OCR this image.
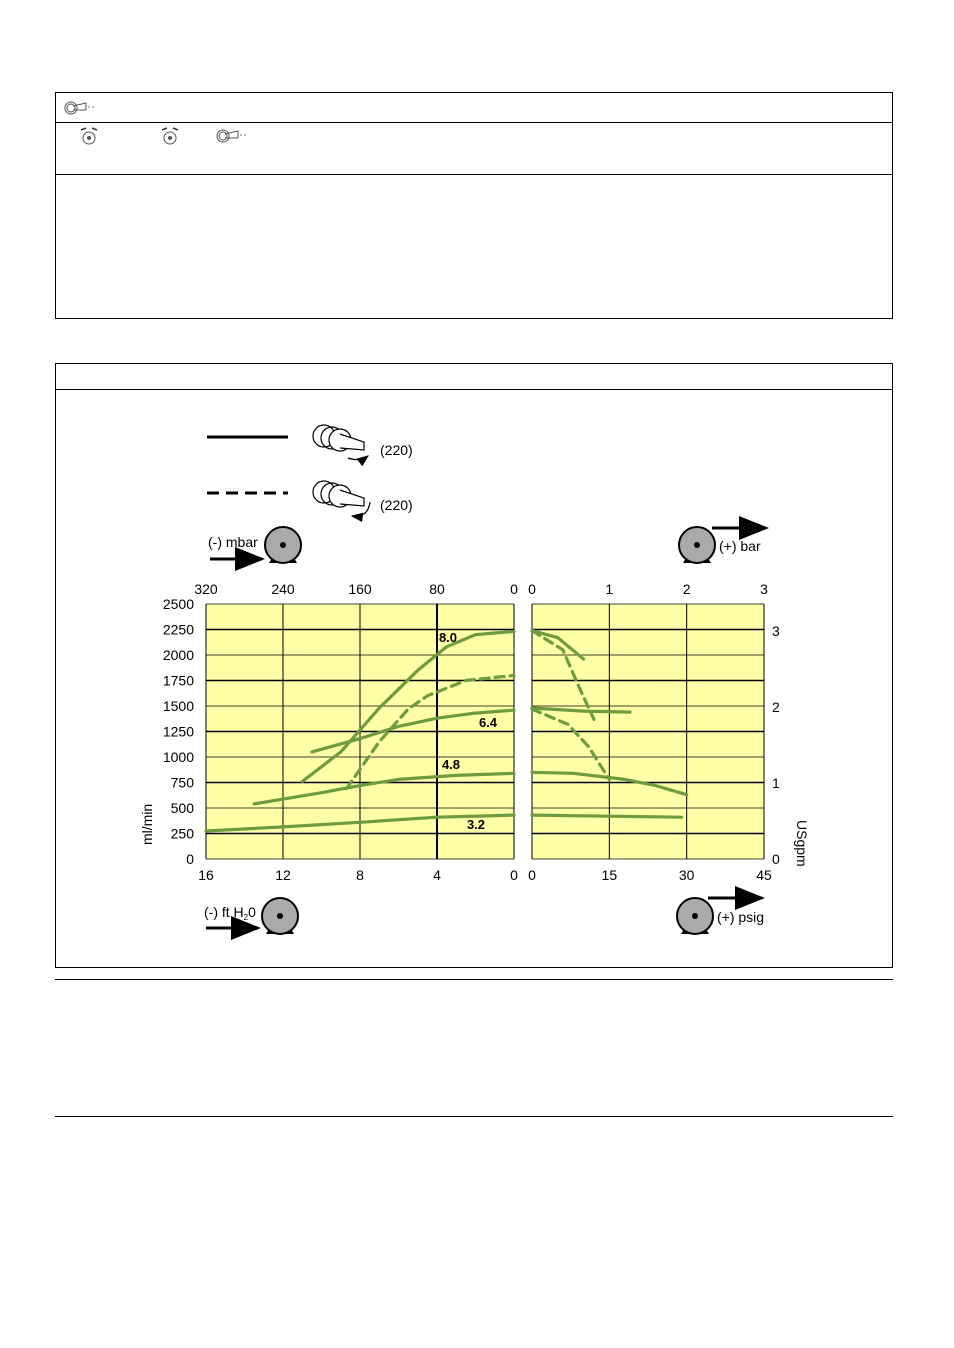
(220)
(220)
(-) mbar	(+) bar
(-) ft $H_20$	(+) psig
2500
2250
2000
1750
1500
1250
1000
750
500
250
0
16
320
12
240
8
160
4
80
0
0
0
0
15
1
30
2
45
3
3
2
1
0
8.0
6.4
4.8
3.2
ml/min	USgpm
